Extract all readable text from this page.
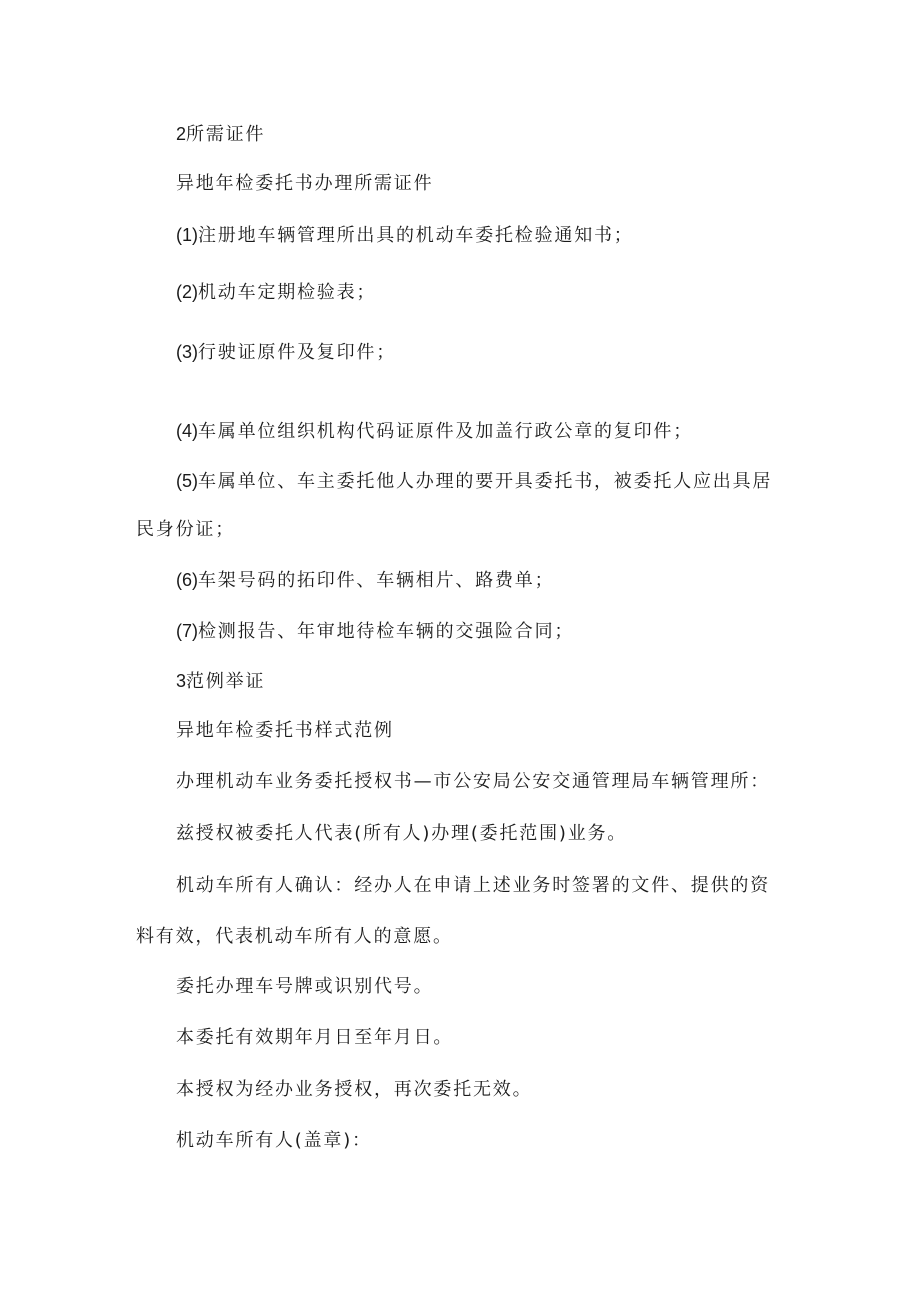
2所需证件
异地年检委托书办理所需证件
(1)注册地车辆管理所出具的机动车委托检验通知书；
(2)机动车定期检验表；
(3)行驶证原件及复印件；
(4)车属单位组织机构代码证原件及加盖行政公章的复印件；
(5)车属单位、车主委托他人办理的要开具委托书，被委托人应出具居
民身份证；
(6)车架号码的拓印件、车辆相片、路费单；
(7)检测报告、年审地待检车辆的交强险合同；
3范例举证
异地年检委托书样式范例
办理机动车业务委托授权书—市公安局公安交通管理局车辆管理所：
兹授权被委托人代表(所有人)办理(委托范围)业务。
机动车所有人确认：经办人在申请上述业务时签署的文件、提供的资
料有效，代表机动车所有人的意愿。
委托办理车号牌或识别代号。
本委托有效期年月日至年月日。
本授权为经办业务授权，再次委托无效。
机动车所有人(盖章)：
